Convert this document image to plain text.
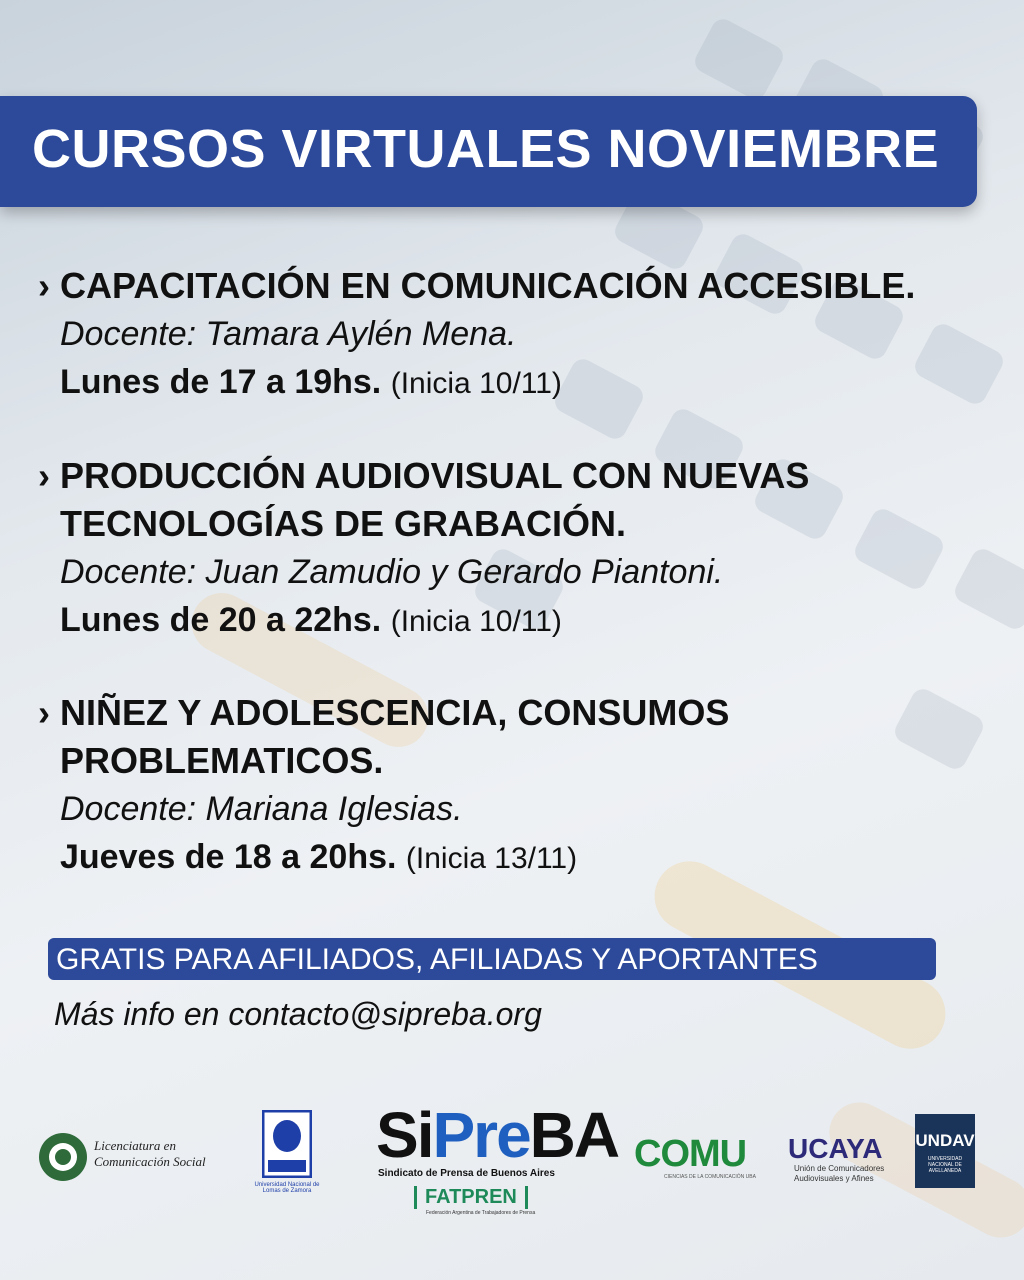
CURSOS VIRTUALES NOVIEMBRE
› CAPACITACIÓN EN COMUNICACIÓN ACCESIBLE.
Docente: Tamara Aylén Mena.
Lunes de 17 a 19hs. (Inicia 10/11)
› PRODUCCIÓN AUDIOVISUAL CON NUEVAS
TECNOLOGÍAS DE GRABACIÓN.
Docente: Juan Zamudio y Gerardo Piantoni.
Lunes de 20 a 22hs. (Inicia 10/11)
› NIÑEZ Y ADOLESCENCIA, CONSUMOS
PROBLEMATICOS.
Docente: Mariana Iglesias.
Jueves de 18 a 20hs. (Inicia 13/11)
GRATIS PARA AFILIADOS, AFILIADAS Y APORTANTES
Más info en contacto@sipreba.org
Licenciatura en
Comunicación Social
Universidad Nacional de Lomas de Zamora
SiPreBA
Sindicato de Prensa de Buenos Aires
FATPREN
Federación Argentina de Trabajadores de Prensa
COMU
CIENCIAS DE LA COMUNICACIÓN UBA
UCAYA
Unión de Comunicadores
Audiovisuales y Afines
UNDAV
UNIVERSIDAD
NACIONAL DE
AVELLANEDA
